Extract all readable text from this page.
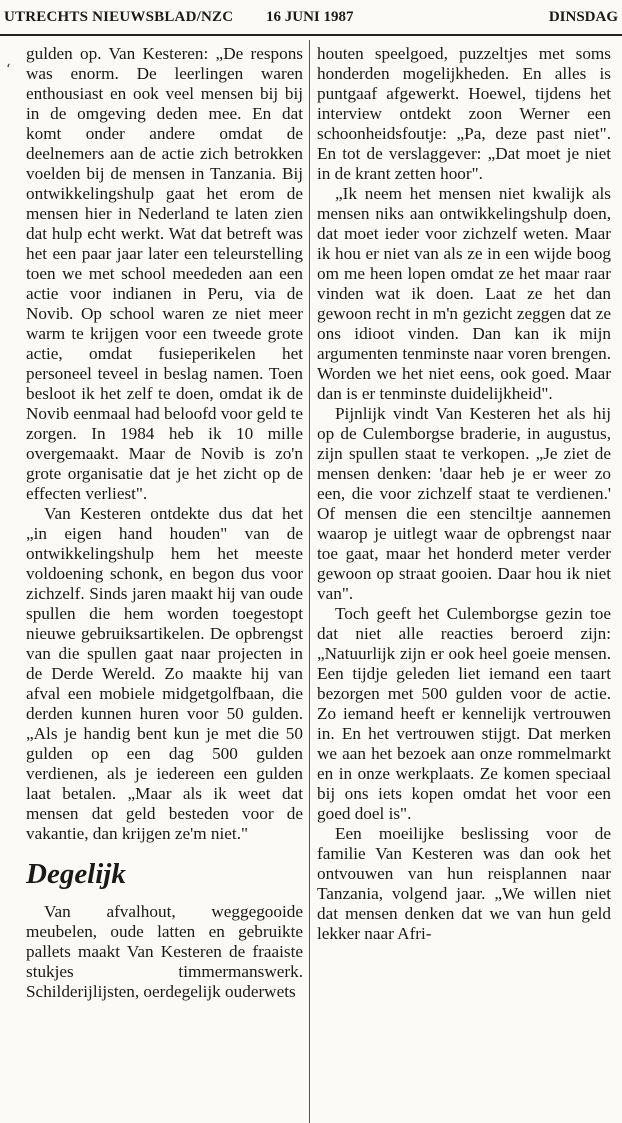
UTRECHTS NIEUWSBLAD/NZC 16 JUNI 1987	DINSDAG
ʻ

gulden op. Van Kesteren: „De respons was enorm. De leerlingen waren enthousiast en ook veel mensen bij bij in de omgeving deden mee. En dat komt onder andere omdat de deelnemers aan de actie zich betrokken voelden bij de mensen in Tanzania. Bij ontwikkelingshulp gaat het erom de mensen hier in Nederland te laten zien dat hulp echt werkt. Wat dat betreft was het een paar jaar later een teleurstelling toen we met school meededen aan een actie voor indianen in Peru, via de Novib. Op school waren ze niet meer warm te krijgen voor een tweede grote actie, omdat fusieperikelen het personeel teveel in beslag namen. Toen besloot ik het zelf te doen, omdat ik de Novib eenmaal had beloofd voor geld te zorgen. In 1984 heb ik 10 mille overgemaakt. Maar de Novib is zo'n grote organisatie dat je het zicht op de effecten verliest".

Van Kesteren ontdekte dus dat het „in eigen hand houden" van de ontwikkelingshulp hem het meeste voldoening schonk, en begon dus voor zichzelf. Sinds jaren maakt hij van oude spullen die hem worden toegestopt nieuwe gebruiksartikelen. De opbrengst van die spullen gaat naar projecten in de Derde Wereld. Zo maakte hij van afval een mobiele midgetgolfbaan, die derden kunnen huren voor 50 gulden. „Als je handig bent kun je met die 50 gulden op een dag 500 gulden verdienen, als je iedereen een gulden laat betalen. „Maar als ik weet dat mensen dat geld besteden voor de vakantie, dan krijgen ze'm niet."

Degelijk

Van afvalhout, weggegooide meubelen, oude latten en gebruikte pallets maakt Van Kesteren de fraaiste stukjes timmermanswerk. Schilderijlijsten, oerdegelijk ouderwets

houten speelgoed, puzzeltjes met soms honderden mogelijkheden. En alles is puntgaaf afgewerkt. Hoewel, tijdens het interview ontdekt zoon Werner een schoonheidsfoutje: „Pa, deze past niet". En tot de verslaggever: „Dat moet je niet in de krant zetten hoor".

„Ik neem het mensen niet kwalijk als mensen niks aan ontwikkelingshulp doen, dat moet ieder voor zichzelf weten. Maar ik hou er niet van als ze in een wijde boog om me heen lopen omdat ze het maar raar vinden wat ik doen. Laat ze het dan gewoon recht in m'n gezicht zeggen dat ze ons idioot vinden. Dan kan ik mijn argumenten tenminste naar voren brengen. Worden we het niet eens, ook goed. Maar dan is er tenminste duidelijkheid".

Pijnlijk vindt Van Kesteren het als hij op de Culemborgse braderie, in augustus, zijn spullen staat te verkopen. „Je ziet de mensen denken: 'daar heb je er weer zo een, die voor zichzelf staat te verdienen.' Of mensen die een stenciltje aannemen waarop je uitlegt waar de opbrengst naar toe gaat, maar het honderd meter verder gewoon op straat gooien. Daar hou ik niet van".

Toch geeft het Culemborgse gezin toe dat niet alle reacties beroerd zijn: „Natuurlijk zijn er ook heel goeie mensen. Een tijdje geleden liet iemand een taart bezorgen met 500 gulden voor de actie. Zo iemand heeft er kennelijk vertrouwen in. En het vertrouwen stijgt. Dat merken we aan het bezoek aan onze rommelmarkt en in onze werkplaats. Ze komen speciaal bij ons iets kopen omdat het voor een goed doel is".

Een moeilijke beslissing voor de familie Van Kesteren was dan ook het ontvouwen van hun reisplannen naar Tanzania, volgend jaar. „We willen niet dat mensen denken dat we van hun geld lekker naar Afri-
